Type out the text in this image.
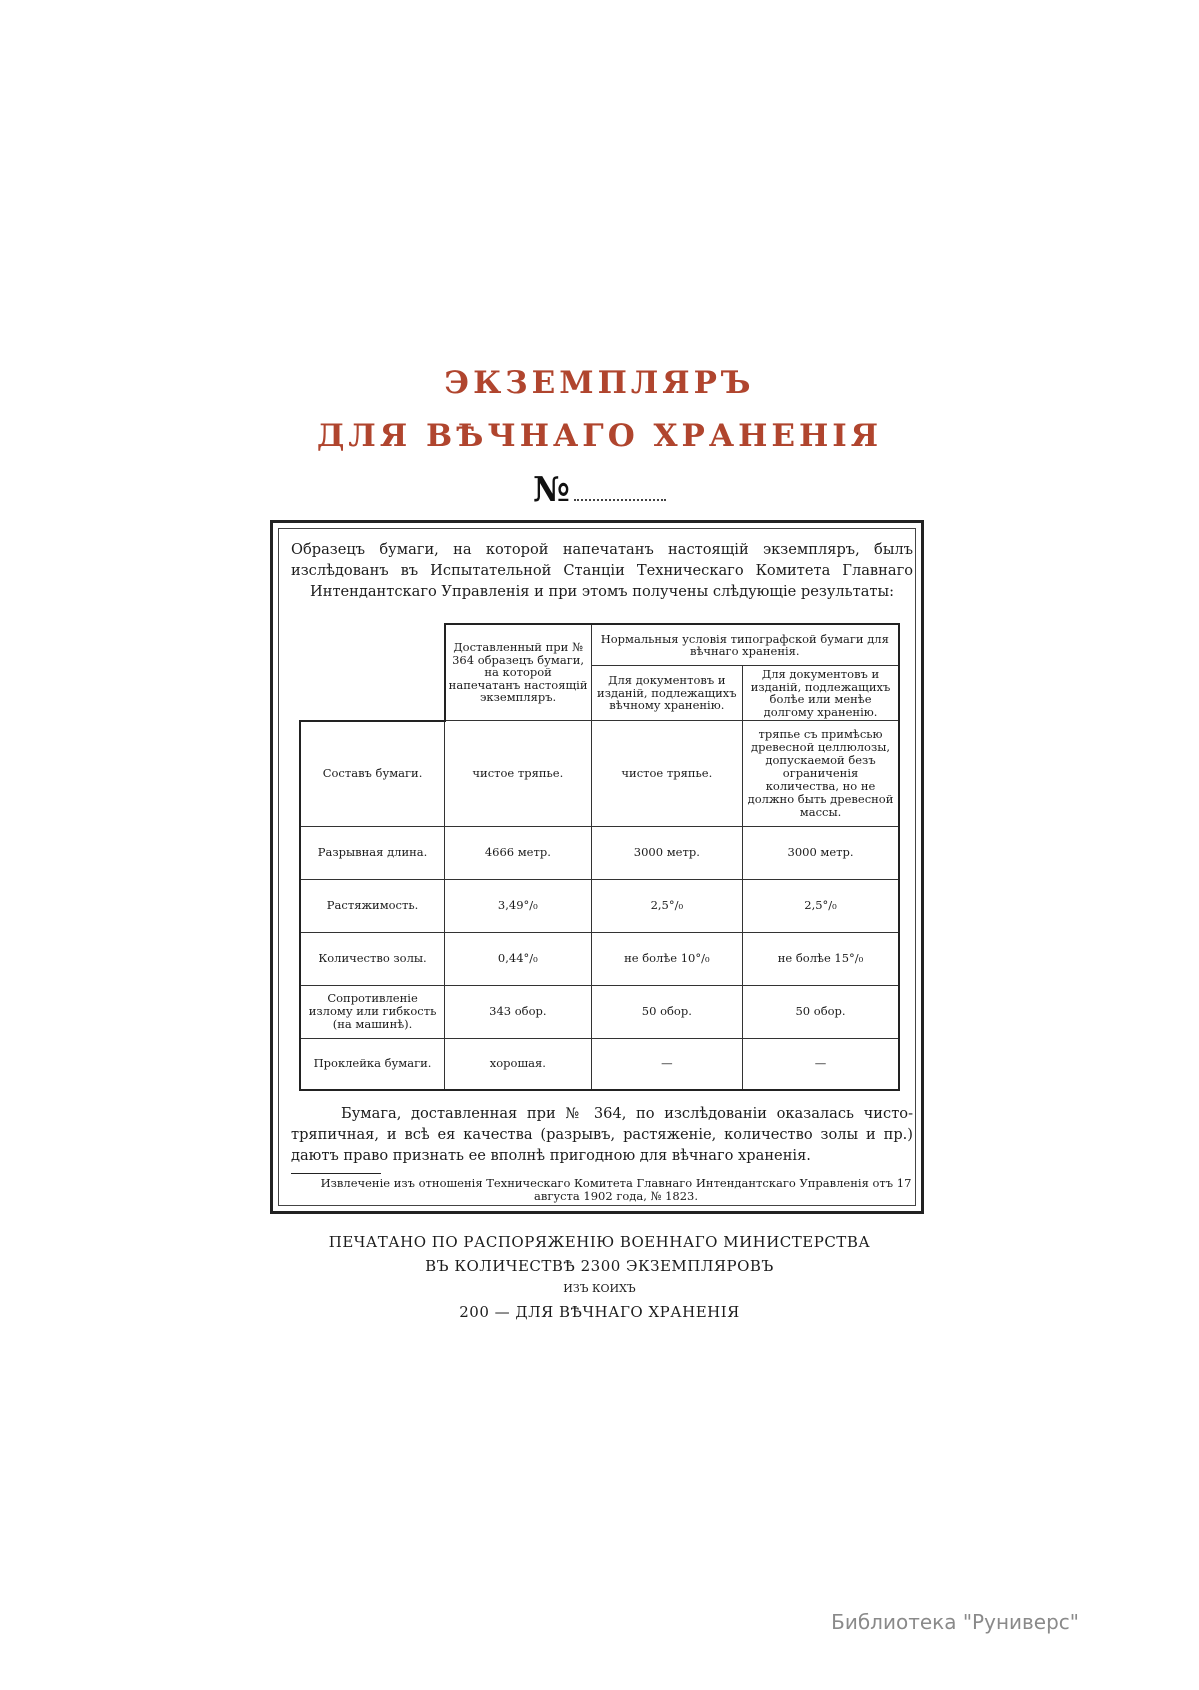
ЭКЗЕМПЛЯРЪ
ДЛЯ ВѢЧНАГО ХРАНЕНІЯ
№
Образецъ бумаги, на которой напечатанъ настоящій экземпляръ, былъ изслѣдованъ въ Испытательной Станціи Техническаго Комитета Главнаго Интендантскаго Управленія и при этомъ получены слѣдующіе результаты:
	Доставленный при № 364 образецъ бумаги, на которой напечатанъ настоящій экземпляръ.	Нормальныя условія типографской бумаги для вѣчнаго храненія.	
		Для документовъ и изданій, подлежащихъ вѣчному храненію.	Для документовъ и изданій, подлежащихъ болѣе или менѣе долгому храненію.
Составъ бумаги.	чистое тряпье.	чистое тряпье.	тряпье съ примѣсью древесной целлюлозы, допускаемой безъ ограниченія количества, но не должно быть древесной массы.
Разрывная длина.	4666 метр.	3000 метр.	3000 метр.
Растяжимость.	3,49°/₀	2,5°/₀	2,5°/₀
Количество золы.	0,44°/₀	не болѣе 10°/₀	не болѣе 15°/₀
Сопротивленіе излому или гибкость (на машинѣ).	343 обор.	50 обор.	50 обор.
Проклейка бумаги.	хорошая.	—	—
Бумага, доставленная при № 364, по изслѣдованіи оказалась чисто-тряпичная, и всѣ ея качества (разрывъ, растяженіе, количество золы и пр.) даютъ право признать ее вполнѣ пригодною для вѣчнаго храненія.
Извлеченіе изъ отношенія Техническаго Комитета Главнаго Интендантскаго Управленія отъ 17 августа 1902 года, № 1823.
ПЕЧАТАНО ПО РАСПОРЯЖЕНІЮ ВОЕННАГО МИНИСТЕРСТВА
ВЪ КОЛИЧЕСТВѢ 2300 ЭКЗЕМПЛЯРОВЪ
ИЗЪ КОИХЪ
200 — ДЛЯ ВѢЧНАГО ХРАНЕНІЯ
Библиотека "Руниверс"
